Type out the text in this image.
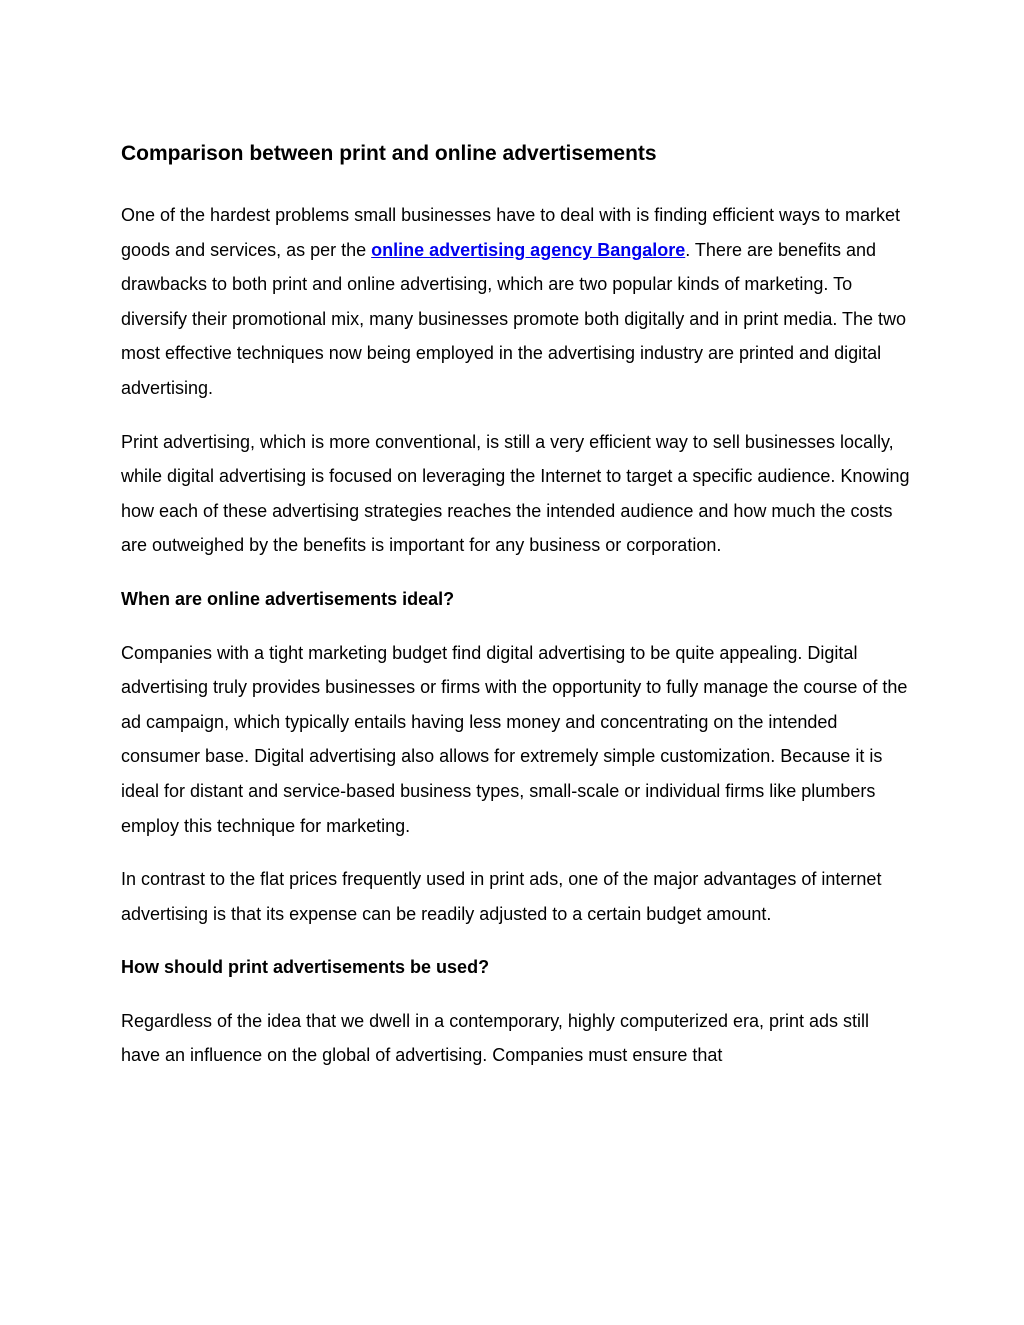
Comparison between print and online advertisements

One of the hardest problems small businesses have to deal with is finding efficient ways to market goods and services, as per the online advertising agency Bangalore. There are benefits and drawbacks to both print and online advertising, which are two popular kinds of marketing. To diversify their promotional mix, many businesses promote both digitally and in print media. The two most effective techniques now being employed in the advertising industry are printed and digital advertising.

Print advertising, which is more conventional, is still a very efficient way to sell businesses locally, while digital advertising is focused on leveraging the Internet to target a specific audience. Knowing how each of these advertising strategies reaches the intended audience and how much the costs are outweighed by the benefits is important for any business or corporation.

When are online advertisements ideal?

Companies with a tight marketing budget find digital advertising to be quite appealing. Digital advertising truly provides businesses or firms with the opportunity to fully manage the course of the ad campaign, which typically entails having less money and concentrating on the intended consumer base. Digital advertising also allows for extremely simple customization. Because it is ideal for distant and service-based business types, small-scale or individual firms like plumbers employ this technique for marketing.

In contrast to the flat prices frequently used in print ads, one of the major advantages of internet advertising is that its expense can be readily adjusted to a certain budget amount.

How should print advertisements be used?

Regardless of the idea that we dwell in a contemporary, highly computerized era, print ads still have an influence on the global of advertising. Companies must ensure that
